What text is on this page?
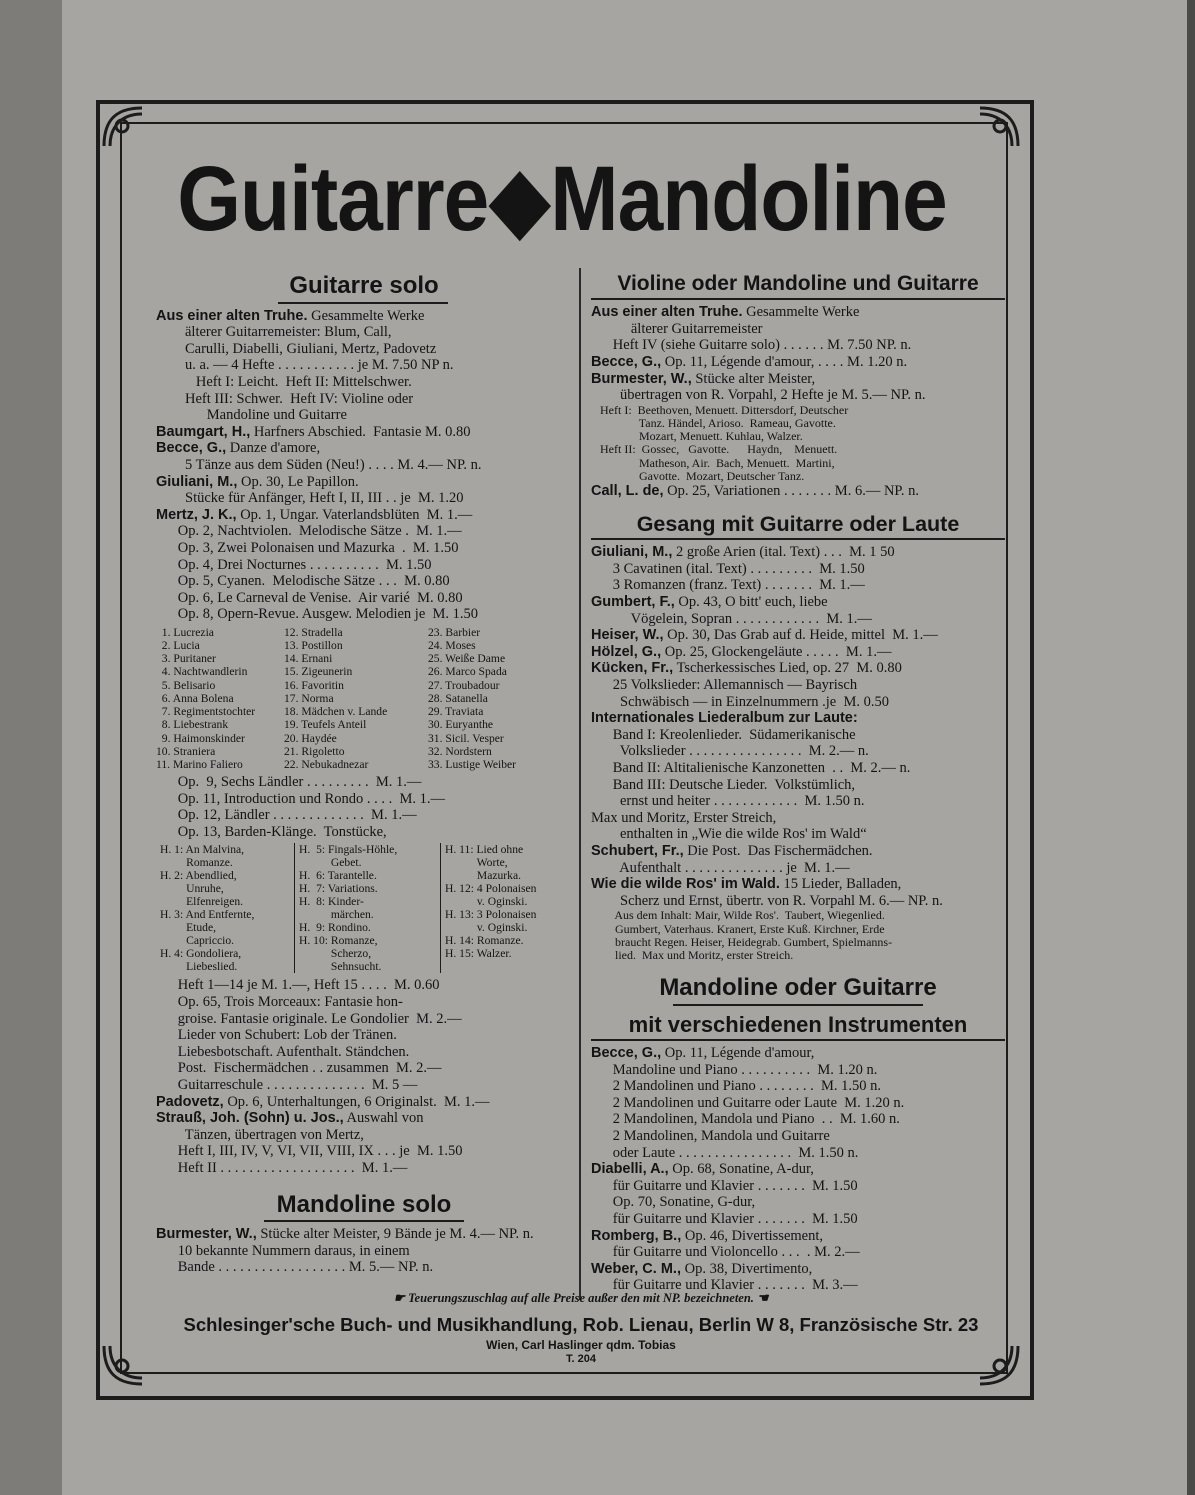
Guitarre◆Mandoline
Guitarre solo
Aus einer alten Truhe. Gesammelte Werke
älterer Guitarremeister: Blum, Call,
Carulli, Diabelli, Giuliani, Mertz, Padovetz
u. a. — 4 Hefte . . . . . . . . . . . je M. 7.50 NP n.
Heft I: Leicht.  Heft II: Mittelschwer.
Heft III: Schwer.  Heft IV: Violine oder
Mandoline und Guitarre
Baumgart, H., Harfners Abschied.  Fantasie M. 0.80
Becce, G., Danze d'amore,
5 Tänze aus dem Süden (Neu!) . . . . M. 4.— NP. n.
Giuliani, M., Op. 30, Le Papillon.
Stücke für Anfänger, Heft I, II, III . . je  M. 1.20
Mertz, J. K., Op. 1, Ungar. Vaterlandsblüten  M. 1.—
Op. 2, Nachtviolen.  Melodische Sätze .  M. 1.—
Op. 3, Zwei Polonaisen und Mazurka  .  M. 1.50
Op. 4, Drei Nocturnes . . . . . . . . . .  M. 1.50
Op. 5, Cyanen.  Melodische Sätze . . .  M. 0.80
Op. 6, Le Carneval de Venise.  Air varié  M. 0.80
Op. 8, Opern-Revue. Ausgew. Melodien je  M. 1.50
1. Lucrezia
2. Lucia
3. Puritaner
4. Nachtwandlerin
5. Belisario
6. Anna Bolena
7. Regimentstochter
8. Liebestrank
9. Haimonskinder
10. Straniera
11. Marino Faliero
12. Stradella
13. Postillon
14. Ernani
15. Zigeunerin
16. Favoritin
17. Norma
18. Mädchen v. Lande
19. Teufels Anteil
20. Haydée
21. Rigoletto
22. Nebukadnezar
23. Barbier
24. Moses
25. Weiße Dame
26. Marco Spada
27. Troubadour
28. Satanella
29. Traviata
30. Euryanthe
31. Sicil. Vesper
32. Nordstern
33. Lustige Weiber
Op.  9, Sechs Ländler . . . . . . . . .  M. 1.—
Op. 11, Introduction und Rondo . . . .  M. 1.—
Op. 12, Ländler . . . . . . . . . . . . .  M. 1.—
Op. 13, Barden-Klänge.  Tonstücke,
H. 1: An Malvina,
Romanze.
H. 2: Abendlied,
Unruhe,
Elfenreigen.
H. 3: And Entfernte,
Etude,
Capriccio.
H. 4: Gondoliera,
Liebeslied.
H.  5: Fingals-Höhle,
Gebet.
H.  6: Tarantelle.
H.  7: Variations.
H.  8: Kinder-
märchen.
H.  9: Rondino.
H. 10: Romanze,
Scherzo,
Sehnsucht.
H. 11: Lied ohne
Worte,
Mazurka.
H. 12: 4 Polonaisen
v. Oginski.
H. 13: 3 Polonaisen
v. Oginski.
H. 14: Romanze.
H. 15: Walzer.
Heft 1—14 je M. 1.—, Heft 15 . . . .  M. 0.60
Op. 65, Trois Morceaux: Fantasie hon-
groise. Fantasie originale. Le Gondolier  M. 2.—
Lieder von Schubert: Lob der Tränen.
Liebesbotschaft. Aufenthalt. Ständchen.
Post.  Fischermädchen . . zusammen  M. 2.—
Guitarreschule . . . . . . . . . . . . . .  M. 5 —
Padovetz, Op. 6, Unterhaltungen, 6 Originalst.  M. 1.—
Strauß, Joh. (Sohn) u. Jos., Auswahl von
Tänzen, übertragen von Mertz,
Heft I, III, IV, V, VI, VII, VIII, IX . . . je  M. 1.50
Heft II . . . . . . . . . . . . . . . . . . .  M. 1.—
Mandoline solo
Burmester, W., Stücke alter Meister, 9 Bände je M. 4.— NP. n.
10 bekannte Nummern daraus, in einem
Bande . . . . . . . . . . . . . . . . . . M. 5.— NP. n.
Violine oder Mandoline und Guitarre
Aus einer alten Truhe. Gesammelte Werke
älterer Guitarremeister
Heft IV (siehe Guitarre solo) . . . . . . M. 7.50 NP. n.
Becce, G., Op. 11, Légende d'amour, . . . . M. 1.20 n.
Burmester, W., Stücke alter Meister,
übertragen von R. Vorpahl, 2 Hefte je M. 5.— NP. n.
Heft I:  Beethoven, Menuett. Dittersdorf, Deutscher
Tanz. Händel, Arioso.  Rameau, Gavotte.
Mozart, Menuett. Kuhlau, Walzer.
Heft II:  Gossec,   Gavotte.      Haydn,    Menuett.
Matheson, Air.  Bach, Menuett.  Martini,
Gavotte.  Mozart, Deutscher Tanz.
Call, L. de, Op. 25, Variationen . . . . . . . M. 6.— NP. n.
Gesang mit Guitarre oder Laute
Giuliani, M., 2 große Arien (ital. Text) . . .  M. 1 50
3 Cavatinen (ital. Text) . . . . . . . . .  M. 1.50
3 Romanzen (franz. Text) . . . . . . .  M. 1.—
Gumbert, F., Op. 43, O bitt' euch, liebe
Vögelein, Sopran . . . . . . . . . . . .  M. 1.—
Heiser, W., Op. 30, Das Grab auf d. Heide, mittel  M. 1.—
Hölzel, G., Op. 25, Glockengeläute . . . . .  M. 1.—
Kücken, Fr., Tscherkessisches Lied, op. 27  M. 0.80
25 Volkslieder: Allemannisch — Bayrisch
Schwäbisch — in Einzelnummern .je  M. 0.50
Internationales Liederalbum zur Laute:
Band I: Kreolenlieder.  Südamerikanische
Volkslieder . . . . . . . . . . . . . . . .  M. 2.— n.
Band II: Altitalienische Kanzonetten  . .  M. 2.— n.
Band III: Deutsche Lieder.  Volkstümlich,
ernst und heiter . . . . . . . . . . . .  M. 1.50 n.
Max und Moritz, Erster Streich,
enthalten in „Wie die wilde Ros' im Wald“
Schubert, Fr., Die Post.  Das Fischermädchen.
Aufenthalt . . . . . . . . . . . . . . je  M. 1.—
Wie die wilde Ros' im Wald. 15 Lieder, Balladen,
Scherz und Ernst, übertr. von R. Vorpahl M. 6.— NP. n.
Aus dem Inhalt: Mair, Wilde Ros'.  Taubert, Wiegenlied.
Gumbert, Vaterhaus. Kranert, Erste Kuß. Kirchner, Erde
braucht Regen. Heiser, Heidegrab. Gumbert, Spielmanns-
lied.  Max und Moritz, erster Streich.
Mandoline oder Guitarre
mit verschiedenen Instrumenten
Becce, G., Op. 11, Légende d'amour,
Mandoline und Piano . . . . . . . . . .  M. 1.20 n.
2 Mandolinen und Piano . . . . . . . .  M. 1.50 n.
2 Mandolinen und Guitarre oder Laute  M. 1.20 n.
2 Mandolinen, Mandola und Piano  . .  M. 1.60 n.
2 Mandolinen, Mandola und Guitarre
oder Laute . . . . . . . . . . . . . . . .  M. 1.50 n.
Diabelli, A., Op. 68, Sonatine, A-dur,
für Guitarre und Klavier . . . . . . .  M. 1.50
Op. 70, Sonatine, G-dur,
für Guitarre und Klavier . . . . . . .  M. 1.50
Romberg, B., Op. 46, Divertissement,
für Guitarre und Violoncello . . .  . M. 2.—
Weber, C. M., Op. 38, Divertimento,
für Guitarre und Klavier . . . . . . .  M. 3.—
☛ Teuerungszuschlag auf alle Preise außer den mit NP. bezeichneten. ☚
Schlesinger'sche Buch- und Musikhandlung, Rob. Lienau, Berlin W 8, Französische Str. 23
Wien, Carl Haslinger qdm. Tobias
T. 204
